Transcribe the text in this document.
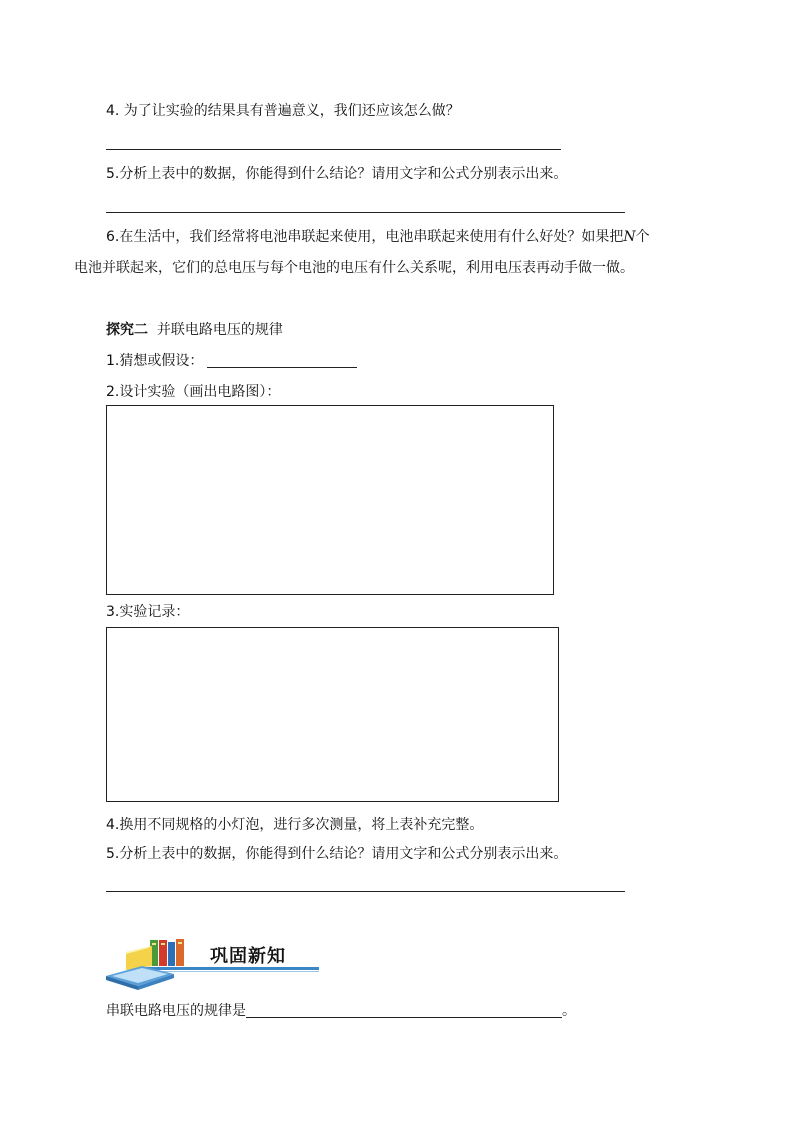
4. 为了让实验的结果具有普遍意义，我们还应该怎么做？
5.分析上表中的数据，你能得到什么结论？请用文字和公式分别表示出来。
6.在生活中，我们经常将电池串联起来使用，电池串联起来使用有什么好处？如果把N个
电池并联起来，它们的总电压与每个电池的电压有什么关系呢，利用电压表再动手做一做。
探究二  并联电路电压的规律
1.猜想或假设：
2.设计实验（画出电路图）：
3.实验记录：
4.换用不同规格的小灯泡，进行多次测量，将上表补充完整。
5.分析上表中的数据，你能得到什么结论？请用文字和公式分别表示出来。
巩固新知
串联电路电压的规律是	。
